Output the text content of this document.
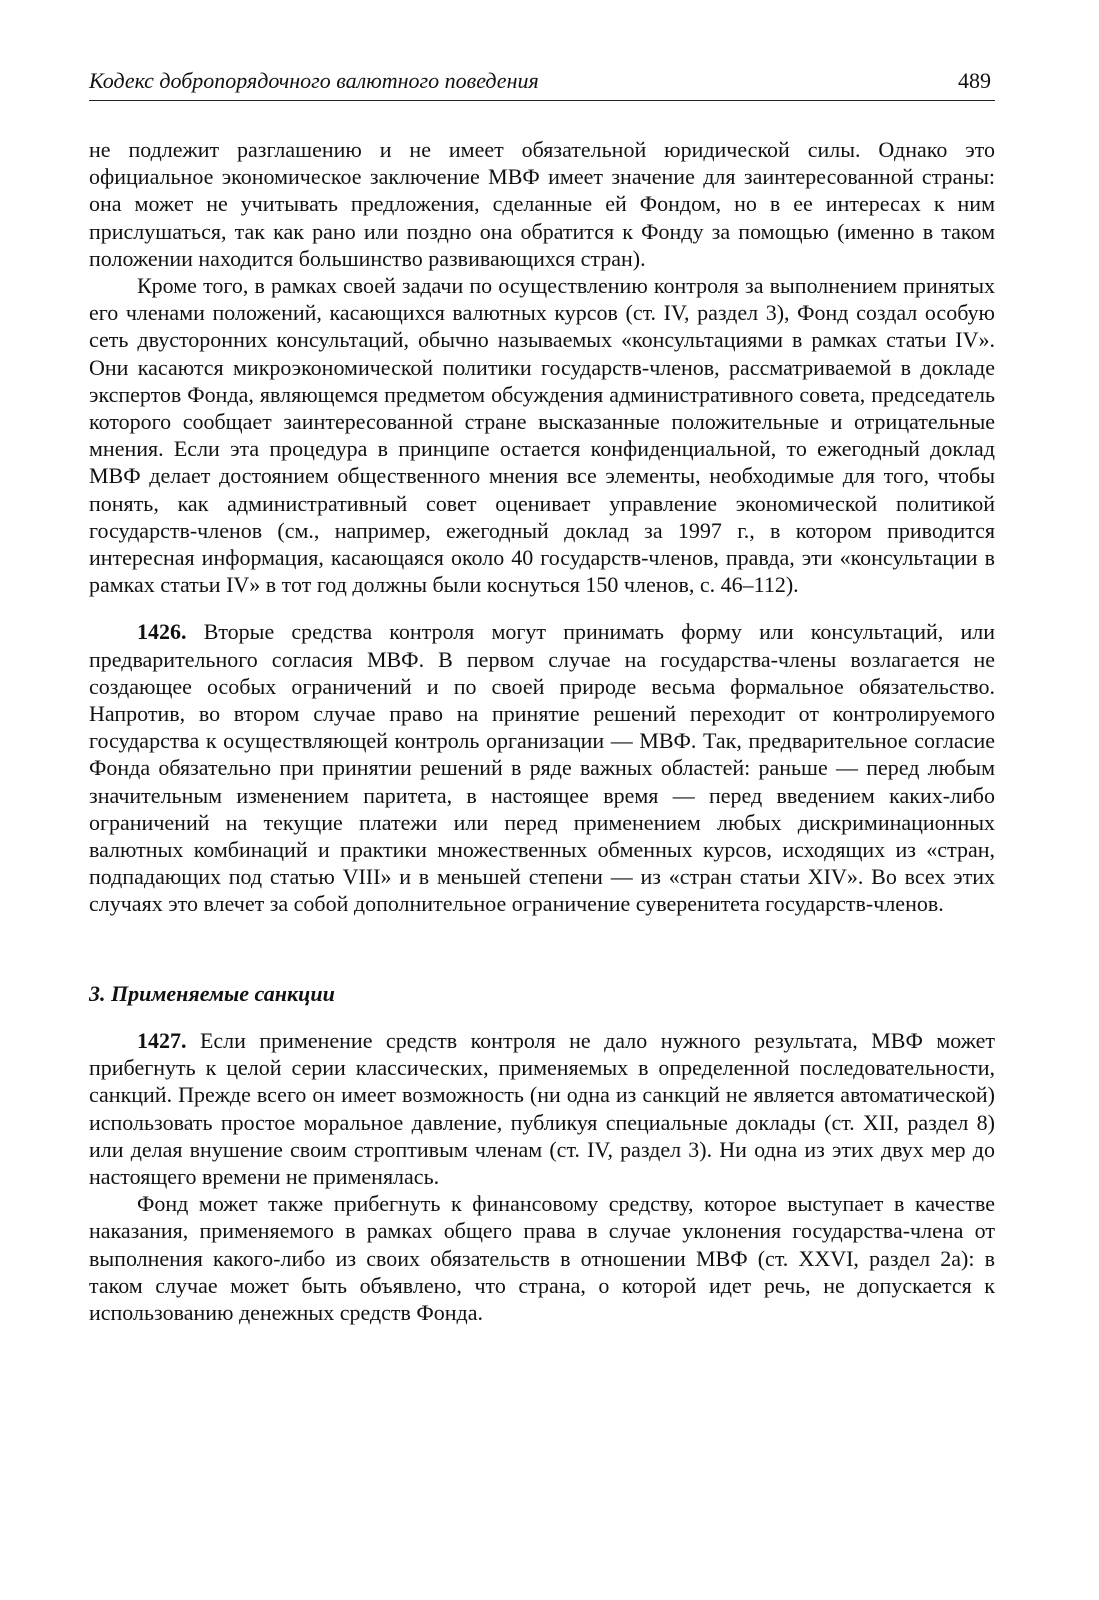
Кодекс добропорядочного валютного поведения	489

не подлежит разглашению и не имеет обязательной юридической силы. Однако это официальное экономическое заключение МВФ имеет значение для заинтересованной страны: она может не учитывать предложения, сделанные ей Фондом, но в ее интересах к ним прислушаться, так как рано или поздно она обратится к Фонду за помощью (именно в таком положении находится большинство развивающихся стран).

Кроме того, в рамках своей задачи по осуществлению контроля за выполнением принятых его членами положений, касающихся валютных курсов (ст. IV, раздел 3), Фонд создал особую сеть двусторонних консультаций, обычно называемых «консультациями в рамках статьи IV». Они касаются микроэкономической политики государств-членов, рассматриваемой в докладе экспертов Фонда, являющемся предметом обсуждения административного совета, председатель которого сообщает заинтересованной стране высказанные положительные и отрицательные мнения. Если эта процедура в принципе остается конфиденциальной, то ежегодный доклад МВФ делает достоянием общественного мнения все элементы, необходимые для того, чтобы понять, как административный совет оценивает управление экономической политикой государств-членов (см., например, ежегодный доклад за 1997 г., в котором приводится интересная информация, касающаяся около 40 государств-членов, правда, эти «консультации в рамках статьи IV» в тот год должны были коснуться 150 членов, с. 46–112).

1426. Вторые средства контроля могут принимать форму или консультаций, или предварительного согласия МВФ. В первом случае на государства-члены возлагается не создающее особых ограничений и по своей природе весьма формальное обязательство. Напротив, во втором случае право на принятие решений переходит от контролируемого государства к осуществляющей контроль организации — МВФ. Так, предварительное согласие Фонда обязательно при принятии решений в ряде важных областей: раньше — перед любым значительным изменением паритета, в настоящее время — перед введением каких-либо ограничений на текущие платежи или перед применением любых дискриминационных валютных комбинаций и практики множественных обменных курсов, исходящих из «стран, подпадающих под статью VIII» и в меньшей степени — из «стран статьи XIV». Во всех этих случаях это влечет за собой дополнительное ограничение суверенитета государств-членов.

3. Применяемые санкции

1427. Если применение средств контроля не дало нужного результата, МВФ может прибегнуть к целой серии классических, применяемых в определенной последовательности, санкций. Прежде всего он имеет возможность (ни одна из санкций не является автоматической) использовать простое моральное давление, публикуя специальные доклады (ст. XII, раздел 8) или делая внушение своим строптивым членам (ст. IV, раздел 3). Ни одна из этих двух мер до настоящего времени не применялась.

Фонд может также прибегнуть к финансовому средству, которое выступает в качестве наказания, применяемого в рамках общего права в случае уклонения государства-члена от выполнения какого-либо из своих обязательств в отношении МВФ (ст. XXVI, раздел 2а): в таком случае может быть объявлено, что страна, о которой идет речь, не допускается к использованию денежных средств Фонда.
